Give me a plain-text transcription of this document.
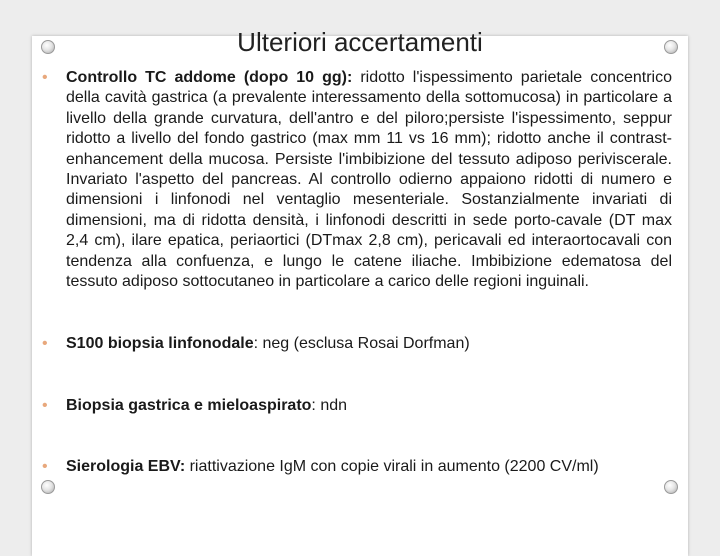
Ulteriori accertamenti
• Controllo TC addome (dopo 10 gg): ridotto l'ispessimento parietale concentrico della cavità gastrica (a prevalente interessamento della sottomucosa) in particolare a livello della grande curvatura, dell'antro e del piloro;persiste l'ispessimento, seppur ridotto a livello del fondo gastrico (max mm 11 vs 16 mm); ridotto anche il contrast-enhancement della mucosa. Persiste l'imbibizione del tessuto adiposo periviscerale. Invariato l'aspetto del pancreas. Al controllo odierno appaiono ridotti di numero e dimensioni i linfonodi nel ventaglio mesenteriale. Sostanzialmente invariati di dimensioni, ma di ridotta densità, i linfonodi descritti in sede porto-cavale (DT max 2,4 cm), ilare epatica, periaortici (DTmax 2,8 cm), pericavali ed interaortocavali con tendenza alla confuenza, e lungo le catene iliache. Imbibizione edematosa del tessuto adiposo sottocutaneo in particolare a carico delle regioni inguinali.
• S100 biopsia linfonodale: neg (esclusa Rosai Dorfman)
• Biopsia gastrica e mieloaspirato: ndn
• Sierologia EBV: riattivazione IgM con copie virali in aumento (2200 CV/ml)
